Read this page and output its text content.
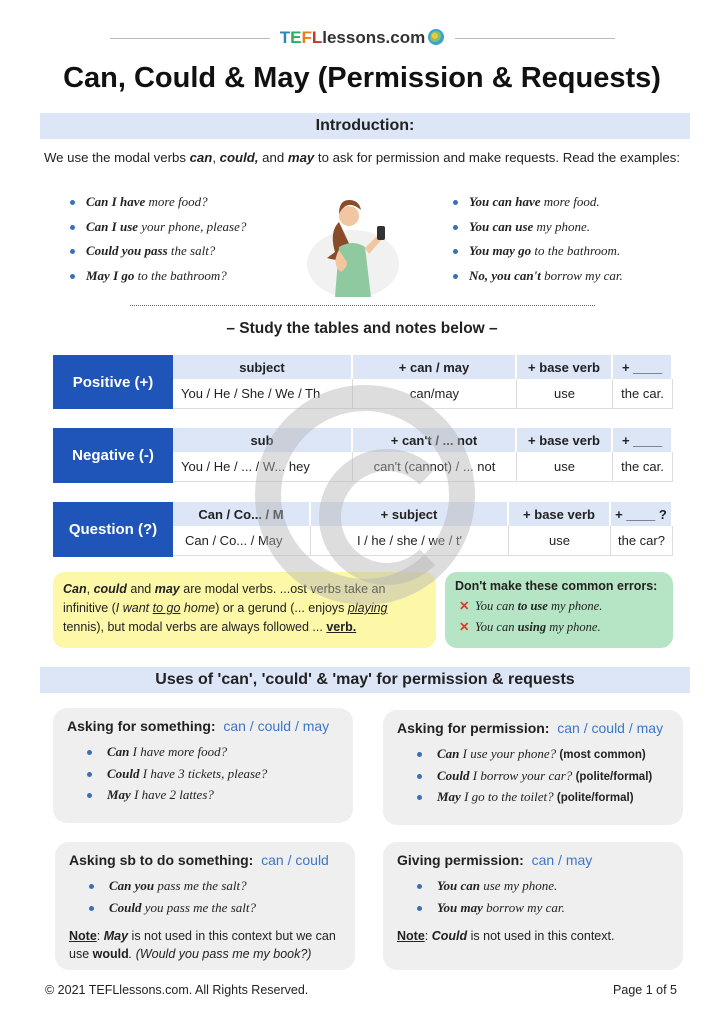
TEFLlessons.com
Can, Could & May (Permission & Requests)
Introduction:
We use the modal verbs can, could, and may to ask for permission and make requests. Read the examples:
Can I have more food?
Can I use your phone, please?
Could you pass the salt?
May I go to the bathroom?
You can have more food.
You can use my phone.
You may go to the bathroom.
No, you can't borrow my car.
– Study the tables and notes below –
Positive (+)
subject	+ can / may	+ base verb	+ ____
You / He / She / We / Th	can/may	use	the car.
Negative (-)
sub	+ can't / ... not	+ base verb	+ ____
You / He / ... / W... hey	can't (cannot) / ... not	use	the car.
Question (?)
Can / Co... / M	+ subject	+ base verb	+ ____ ?
Can / Co... / May	I / he / she / we / t'	use	the car?
Can, could and may are modal verbs. ...ost verbs take an infinitive (I want to go home) or a gerund (... enjoys playing tennis), but modal verbs are always followed ... verb.
Don't make these common errors:
✕ You can to use my phone.
✕ You can using my phone.
Uses of 'can', 'could' & 'may' for permission & requests
Asking for something: can / could / may
Can I have more food?
Could I have 3 tickets, please?
May I have 2 lattes?
Asking for permission: can / could / may
Can I use your phone? (most common)
Could I borrow your car? (polite/formal)
May I go to the toilet? (polite/formal)
Asking sb to do something: can / could
Can you pass me the salt?
Could you pass me the salt?
Note: May is not used in this context but we can use would. (Would you pass me my book?)
Giving permission: can / may
You can use my phone.
You may borrow my car.
Note: Could is not used in this context.
© 2021 TEFLlessons.com. All Rights Reserved.	Page 1 of 5
